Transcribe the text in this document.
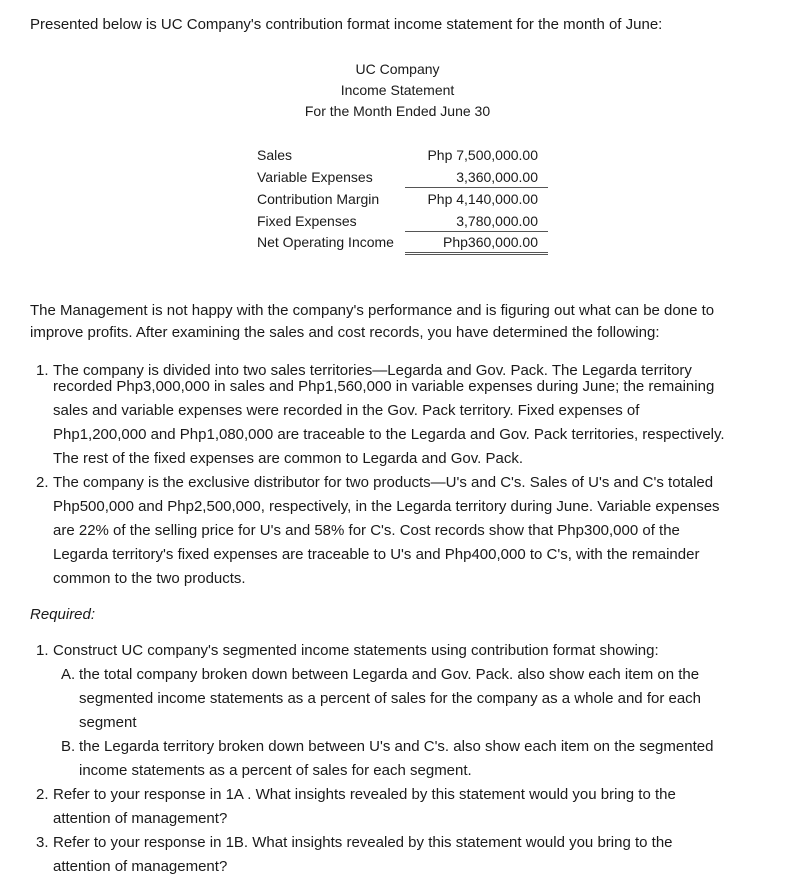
Presented below is UC Company's contribution format income statement for the month of June:
UC Company
Income Statement
For the Month Ended June 30
Sales	Php 7,500,000.00
Variable Expenses	3,360,000.00
Contribution Margin	Php 4,140,000.00
Fixed Expenses	3,780,000.00
Net Operating Income	Php360,000.00
The Management is not happy with the company's performance and is figuring out what can be done to
improve profits. After examining the sales and cost records, you have determined the following:
1. The company is divided into two sales territories—Legarda and Gov. Pack. The Legarda territory
recorded Php3,000,000 in sales and Php1,560,000 in variable expenses during June; the remaining
sales and variable expenses were recorded in the Gov. Pack territory. Fixed expenses of
Php1,200,000 and Php1,080,000 are traceable to the Legarda and Gov. Pack territories, respectively.
The rest of the fixed expenses are common to Legarda and Gov. Pack.
2. The company is the exclusive distributor for two products—U's and C's. Sales of U's and C's totaled
Php500,000 and Php2,500,000, respectively, in the Legarda territory during June. Variable expenses
are 22% of the selling price for U's and 58% for C's. Cost records show that Php300,000 of the
Legarda territory's fixed expenses are traceable to U's and Php400,000 to C's, with the remainder
common to the two products.
Required:
1. Construct UC company's segmented income statements using contribution format showing:
A. the total company broken down between Legarda and Gov. Pack. also show each item on the
segmented income statements as a percent of sales for the company as a whole and for each
segment
B. the Legarda territory broken down between U's and C's. also show each item on the segmented
income statements as a percent of sales for each segment.
2. Refer to your response in 1A . What insights revealed by this statement would you bring to the
attention of management?
3. Refer to your response in 1B. What insights revealed by this statement would you bring to the
attention of management?
